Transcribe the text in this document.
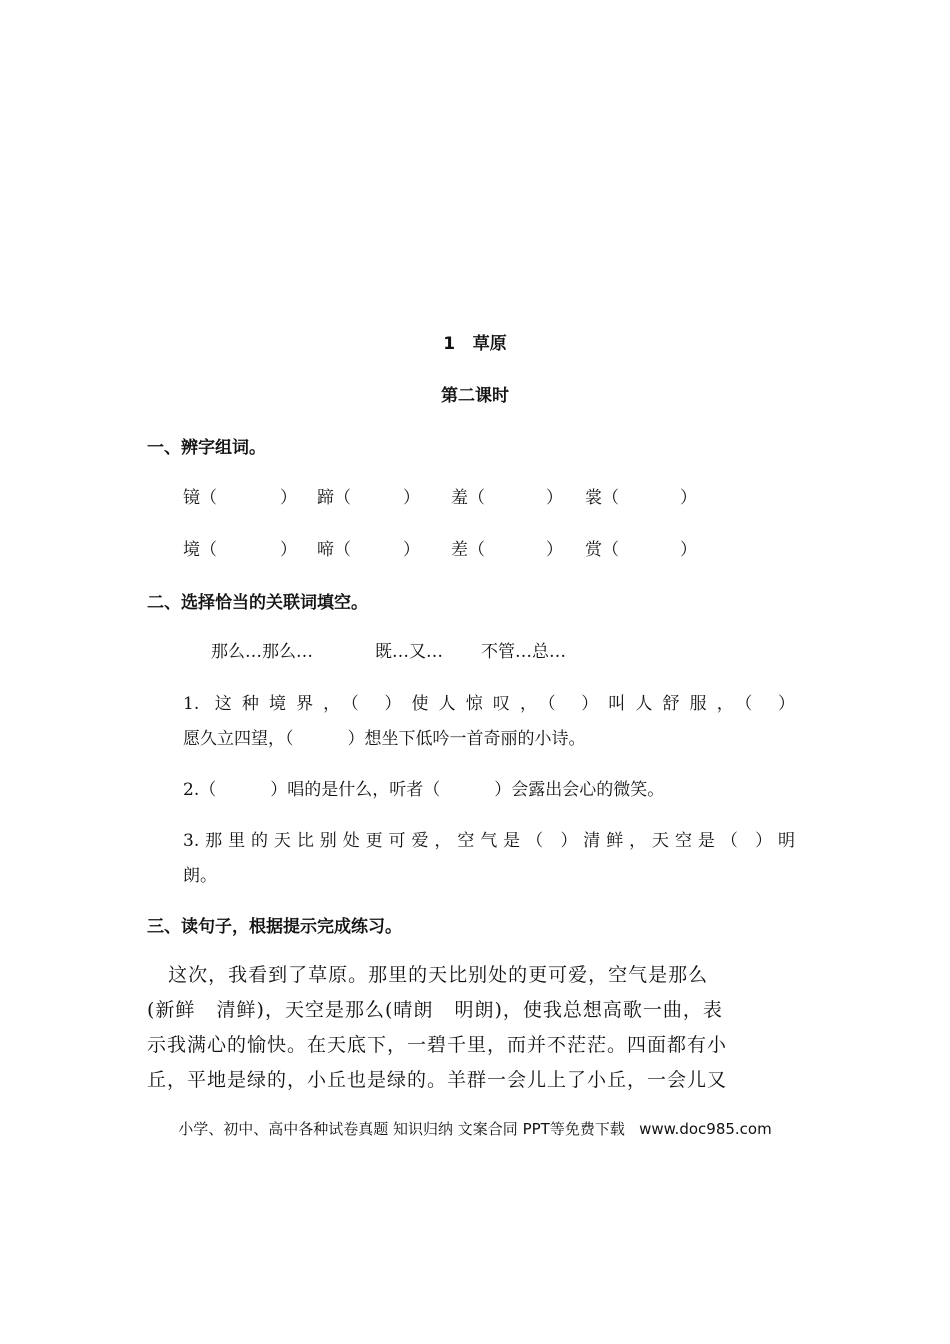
1   草原
第二课时
一、辨字组词。
镜（	） 蹄（	） 羞（	） 裳（	）
境（	） 啼（	） 差（	） 赏（	）
二、选择恰当的关联词填空。
那么…那么…	既…又… 不管…总…
1. 这种境界，（ ）使人惊叹，（ ）叫人舒服，（ ）
愿久立四望，（          ）想坐下低吟一首奇丽的小诗。
2.（          ）唱的是什么，听者（          ）会露出会心的微笑。
3.那里的天比别处更可爱，空气是（ ）清鲜，天空是（ ）明
朗。
三、读句子，根据提示完成练习。
这次，我看到了草原。那里的天比别处的更可爱，空气是那么
(新鲜   清鲜)，天空是那么(晴朗   明朗)，使我总想高歌一曲，表
示我满心的愉快。在天底下，一碧千里，而并不茫茫。四面都有小
丘，平地是绿的，小丘也是绿的。羊群一会儿上了小丘，一会儿又
小学、初中、高中各种试卷真题 知识归纳 文案合同 PPT等免费下载   www.doc985.com
